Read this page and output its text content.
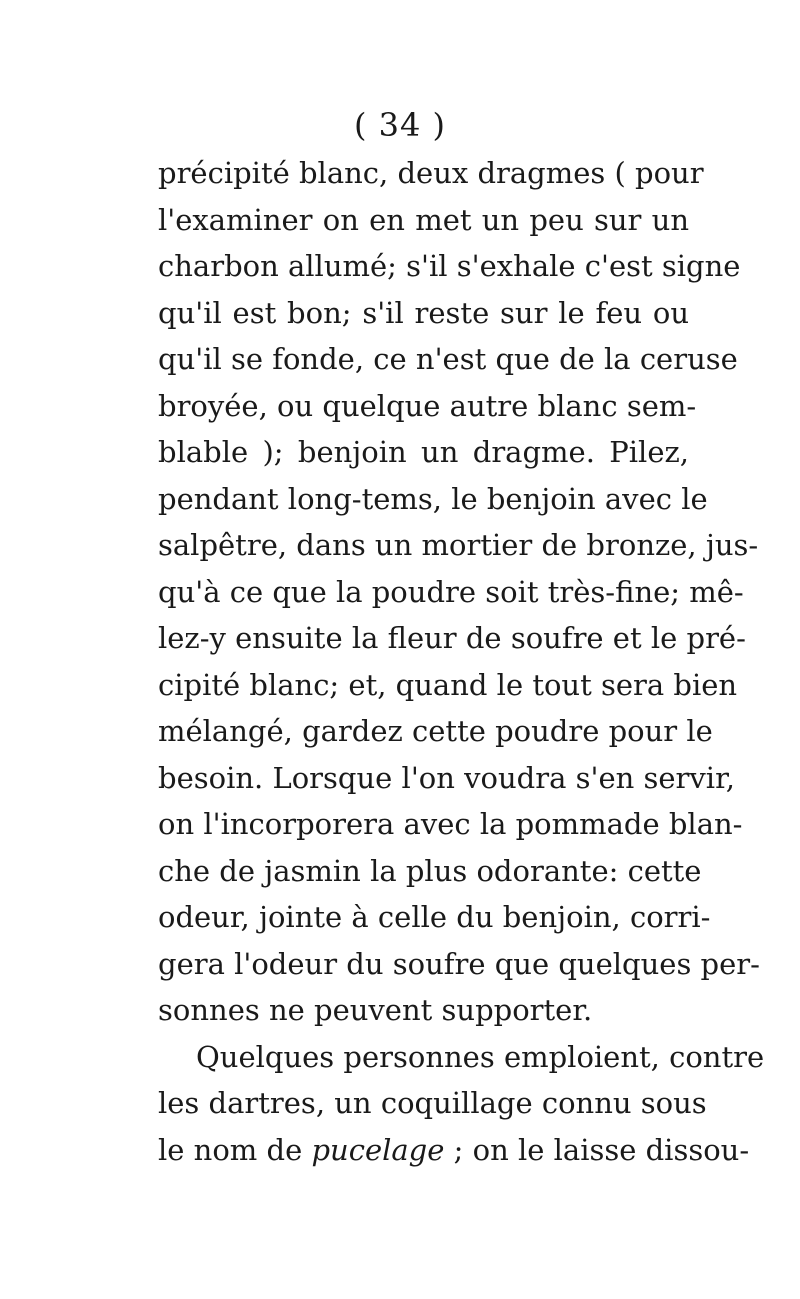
( 34 )
précipité blanc, deux dragmes ( pour
l'examiner on en met un peu sur un
charbon allumé; s'il s'exhale c'est signe
qu'il est bon; s'il reste sur le feu ou
qu'il se fonde, ce n'est que de la ceruse
broyée, ou quelque autre blanc sem-
blable ); benjoin un dragme. Pilez,
pendant long-tems, le benjoin avec le
salpêtre, dans un mortier de bronze, jus-
qu'à ce que la poudre soit très-fine; mê-
lez-y ensuite la fleur de soufre et le pré-
cipité blanc; et, quand le tout sera bien
mélangé, gardez cette poudre pour le
besoin. Lorsque l'on voudra s'en servir,
on l'incorporera avec la pommade blan-
che de jasmin la plus odorante: cette
odeur, jointe à celle du benjoin, corri-
gera l'odeur du soufre que quelques per-
sonnes ne peuvent supporter.
Quelques personnes emploient, contre
les dartres, un coquillage connu sous
le nom de pucelage ; on le laisse dissou-
